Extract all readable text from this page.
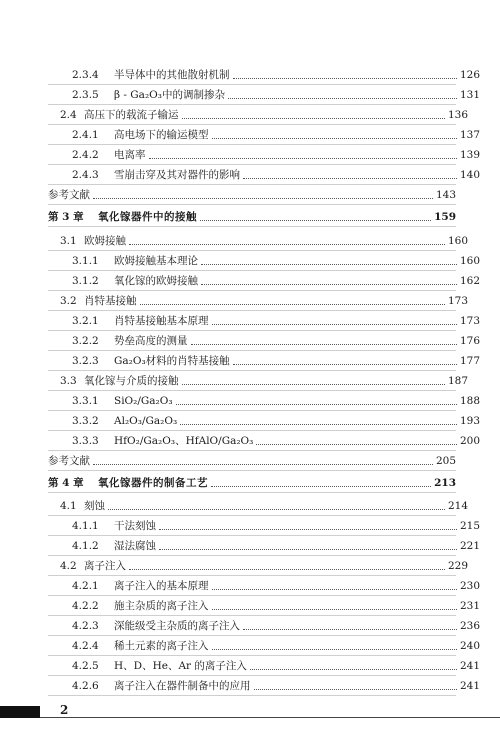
2.3.4	半导体中的其他散射机制	126
2.3.5	β - Ga₂O₃中的调制掺杂	131
2.4 高压下的载流子输运	136
2.4.1	高电场下的输运模型	137
2.4.2	电离率	139
2.4.3	雪崩击穿及其对器件的影响	140
参考文献	143
第 3 章	氧化镓器件中的接触	159
3.1 欧姆接触	160
3.1.1	欧姆接触基本理论	160
3.1.2	氧化镓的欧姆接触	162
3.2 肖特基接触	173
3.2.1	肖特基接触基本原理	173
3.2.2	势垒高度的测量	176
3.2.3	Ga₂O₃材料的肖特基接触	177
3.3 氧化镓与介质的接触	187
3.3.1	SiO₂/Ga₂O₃	188
3.3.2	Al₂O₃/Ga₂O₃	193
3.3.3	HfO₂/Ga₂O₃、HfAlO/Ga₂O₃	200
参考文献	205
第 4 章	氧化镓器件的制备工艺	213
4.1 刻蚀	214
4.1.1	干法刻蚀	215
4.1.2	湿法腐蚀	221
4.2 离子注入	229
4.2.1	离子注入的基本原理	230
4.2.2	施主杂质的离子注入	231
4.2.3	深能级受主杂质的离子注入	236
4.2.4	稀土元素的离子注入	240
4.2.5	H、D、He、Ar 的离子注入	241
4.2.6	离子注入在器件制备中的应用	241
2
